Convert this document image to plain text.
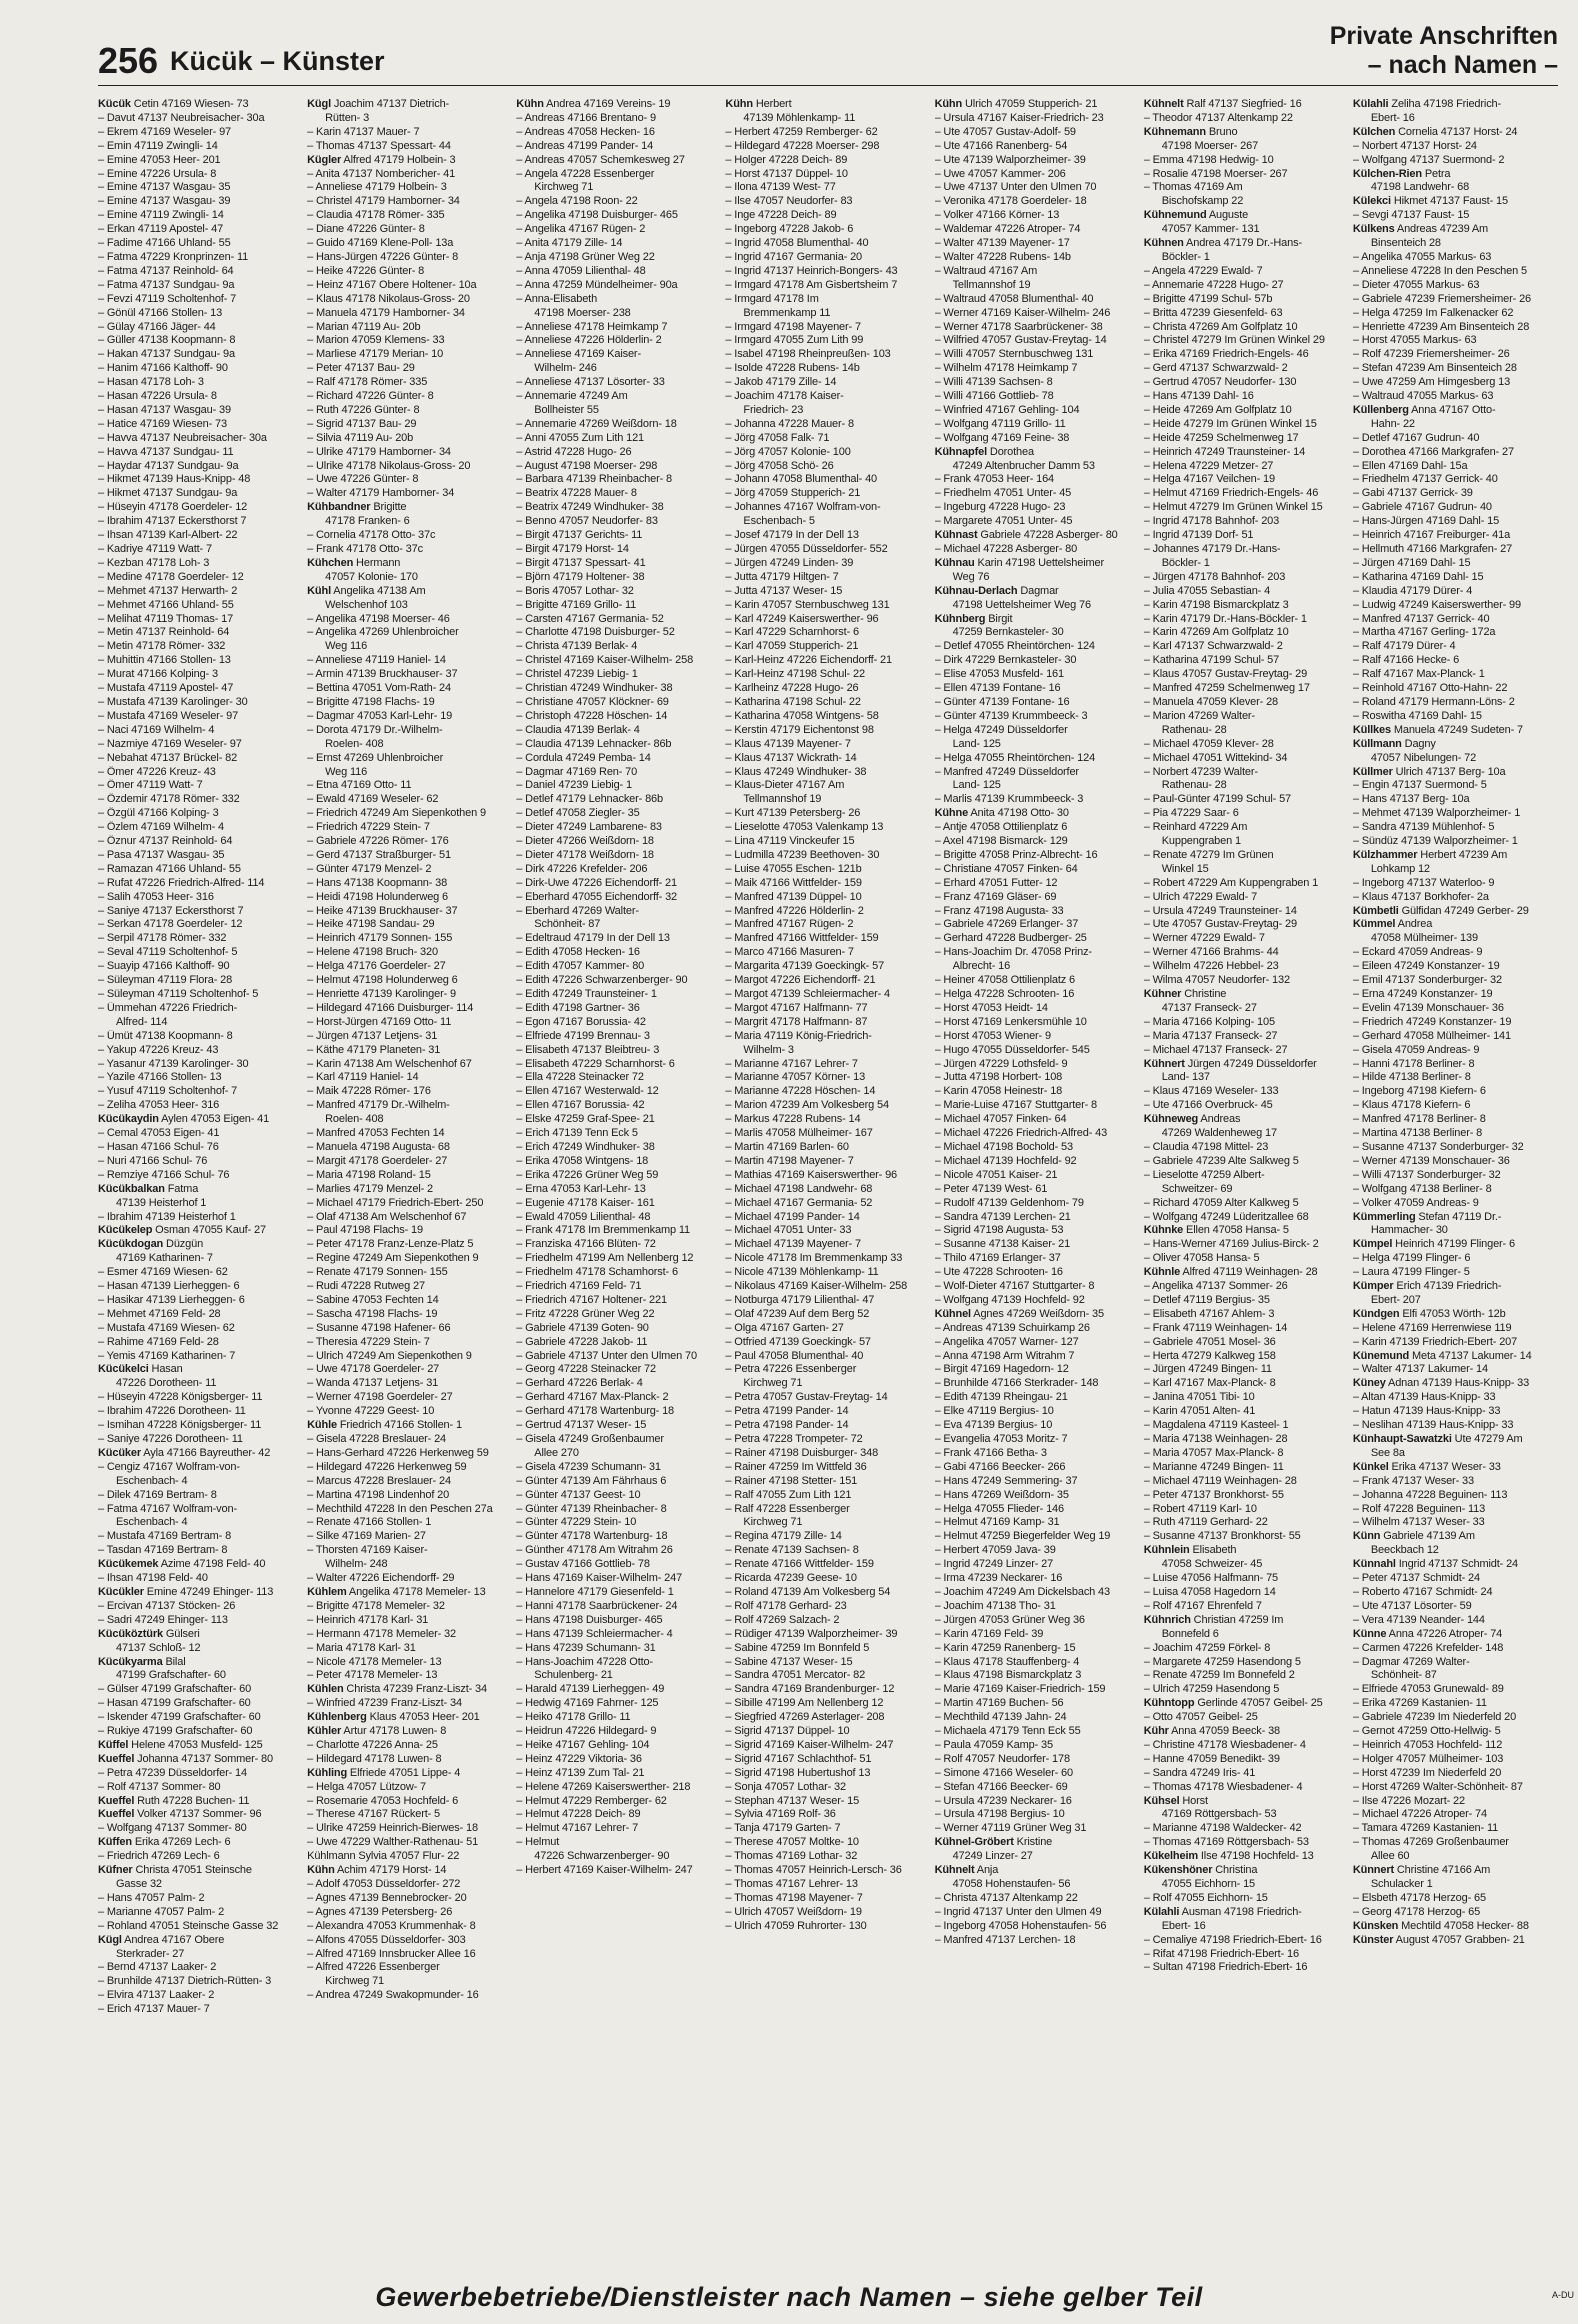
256 Kücük – Künster
Private Anschriften
– nach Namen –
Kücük Cetin 47169 Wiesen- 73
– Davut 47137 Neubreisacher- 30a
– Ekrem 47169 Weseler- 97
– Emin 47119 Zwingli- 14
– Emine 47053 Heer- 201
– Emine 47226 Ursula- 8
– Emine 47137 Wasgau- 35
– Emine 47137 Wasgau- 39
– Emine 47119 Zwingli- 14
– Erkan 47119 Apostel- 47
– Fadime 47166 Uhland- 55
– Fatma 47229 Kronprinzen- 11
– Fatma 47137 Reinhold- 64
– Fatma 47137 Sundgau- 9a
– Fevzi 47119 Scholtenhof- 7
– Gönül 47166 Stollen- 13
– Gülay 47166 Jäger- 44
– Güller 47138 Koopmann- 8
– Hakan 47137 Sundgau- 9a
– Hanim 47166 Kalthoff- 90
– Hasan 47178 Loh- 3
– Hasan 47226 Ursula- 8
– Hasan 47137 Wasgau- 39
– Hatice 47169 Wiesen- 73
– Havva 47137 Neubreisacher- 30a
– Havva 47137 Sundgau- 11
– Haydar 47137 Sundgau- 9a
– Hikmet 47139 Haus-Knipp- 48
– Hikmet 47137 Sundgau- 9a
– Hüseyin 47178 Goerdeler- 12
– Ibrahim 47137 Eckersthorst 7
– Ihsan 47139 Karl-Albert- 22
– Kadriye 47119 Watt- 7
– Kezban 47178 Loh- 3
– Medine 47178 Goerdeler- 12
– Mehmet 47137 Herwarth- 2
– Mehmet 47166 Uhland- 55
– Melihat 47119 Thomas- 17
– Metin 47137 Reinhold- 64
– Metin 47178 Römer- 332
– Muhittin 47166 Stollen- 13
– Murat 47166 Kolping- 3
– Mustafa 47119 Apostel- 47
– Mustafa 47139 Karolinger- 30
– Mustafa 47169 Weseler- 97
– Naci 47169 Wilhelm- 4
– Nazmiye 47169 Weseler- 97
– Nebahat 47137 Brückel- 82
– Ömer 47226 Kreuz- 43
– Ömer 47119 Watt- 7
– Özdemir 47178 Römer- 332
– Özgül 47166 Kolping- 3
– Özlem 47169 Wilhelm- 4
– Öznur 47137 Reinhold- 64
– Pasa 47137 Wasgau- 35
– Ramazan 47166 Uhland- 55
– Rufat 47226 Friedrich-Alfred- 114
– Salih 47053 Heer- 316
– Saniye 47137 Eckersthorst 7
– Serkan 47178 Goerdeler- 12
– Serpil 47178 Römer- 332
– Seval 47119 Scholtenhof- 5
– Suayip 47166 Kalthoff- 90
– Süleyman 47119 Flora- 28
– Süleyman 47119 Scholtenhof- 5
– Ümmehan 47226 Friedrich-
Alfred- 114
– Ümüt 47138 Koopmann- 8
– Yakup 47226 Kreuz- 43
– Yasanur 47139 Karolinger- 30
– Yazile 47166 Stollen- 13
– Yusuf 47119 Scholtenhof- 7
– Zeliha 47053 Heer- 316
Kücükaydin Aylen 47053 Eigen- 41
– Cemal 47053 Eigen- 41
– Hasan 47166 Schul- 76
– Nuri 47166 Schul- 76
– Remziye 47166 Schul- 76
Kücükbalkan Fatma
47139 Heisterhof 1
– Ibrahim 47139 Heisterhof 1
Kücükelep Osman 47055 Kauf- 27
Kücükdogan Düzgün
47169 Katharinen- 7
– Esmer 47169 Wiesen- 62
– Hasan 47139 Lierheggen- 6
– Hasikar 47139 Lierheggen- 6
– Mehmet 47169 Feld- 28
– Mustafa 47169 Wiesen- 62
– Rahime 47169 Feld- 28
– Yemis 47169 Katharinen- 7
Kücükelci Hasan
47226 Dorotheen- 11
– Hüseyin 47228 Königsberger- 11
– Ibrahim 47226 Dorotheen- 11
– Ismihan 47228 Königsberger- 11
– Saniye 47226 Dorotheen- 11
Kücüker Ayla 47166 Bayreuther- 42
– Cengiz 47167 Wolfram-von-
Eschenbach- 4
– Dilek 47169 Bertram- 8
– Fatma 47167 Wolfram-von-
Eschenbach- 4
– Mustafa 47169 Bertram- 8
– Tasdan 47169 Bertram- 8
Kücükemek Azime 47198 Feld- 40
– Ihsan 47198 Feld- 40
Kücükler Emine 47249 Ehinger- 113
– Ercivan 47137 Stöcken- 26
– Sadri 47249 Ehinger- 113
Kücüköztürk Gülseri
47137 Schloß- 12
Kücükyarma Bilal
47199 Grafschafter- 60
– Gülser 47199 Grafschafter- 60
– Hasan 47199 Grafschafter- 60
– Iskender 47199 Grafschafter- 60
– Rukiye 47199 Grafschafter- 60
Küffel Helene 47053 Musfeld- 125
Kueffel Johanna 47137 Sommer- 80
– Petra 47239 Düsseldorfer- 14
– Rolf 47137 Sommer- 80
Kueffel Ruth 47228 Buchen- 11
Kueffel Volker 47137 Sommer- 96
– Wolfgang 47137 Sommer- 80
Küffen Erika 47269 Lech- 6
– Friedrich 47269 Lech- 6
Küfner Christa 47051 Steinsche
Gasse 32
– Hans 47057 Palm- 2
– Marianne 47057 Palm- 2
– Rohland 47051 Steinsche Gasse 32
Kügl Andrea 47167 Obere
Sterkrader- 27
– Bernd 47137 Laaker- 2
– Brunhilde 47137 Dietrich-Rütten- 3
– Elvira 47137 Laaker- 2
– Erich 47137 Mauer- 7
Kügl Joachim 47137 Dietrich-
Rütten- 3
– Karin 47137 Mauer- 7
– Thomas 47137 Spessart- 44
Kügler Alfred 47179 Holbein- 3
– Anita 47137 Nombericher- 41
– Anneliese 47179 Holbein- 3
– Christel 47179 Hamborner- 34
– Claudia 47178 Römer- 335
– Diane 47226 Günter- 8
– Guido 47169 Klene-Poll- 13a
– Hans-Jürgen 47226 Günter- 8
– Heike 47226 Günter- 8
– Heinz 47167 Obere Holtener- 10a
– Klaus 47178 Nikolaus-Gross- 20
– Manuela 47179 Hamborner- 34
– Marian 47119 Au- 20b
– Marion 47059 Klemens- 33
– Marliese 47179 Merian- 10
– Peter 47137 Bau- 29
– Ralf 47178 Römer- 335
– Richard 47226 Günter- 8
– Ruth 47226 Günter- 8
– Sigrid 47137 Bau- 29
– Silvia 47119 Au- 20b
– Ulrike 47179 Hamborner- 34
– Ulrike 47178 Nikolaus-Gross- 20
– Uwe 47226 Günter- 8
– Walter 47179 Hamborner- 34
Kühbandner Brigitte
47178 Franken- 6
– Cornelia 47178 Otto- 37c
– Frank 47178 Otto- 37c
Kühchen Hermann
47057 Kolonie- 170
Kühl Angelika 47138 Am
Welschenhof 103
– Angelika 47198 Moerser- 46
– Angelika 47269 Uhlenbroicher
Weg 116
– Anneliese 47119 Haniel- 14
– Armin 47139 Bruckhauser- 37
– Bettina 47051 Vom-Rath- 24
– Brigitte 47198 Flachs- 19
– Dagmar 47053 Karl-Lehr- 19
– Dorota 47179 Dr.-Wilhelm-
Roelen- 408
– Ernst 47269 Uhlenbroicher
Weg 116
– Etna 47169 Otto- 11
– Ewald 47169 Weseler- 62
– Friedrich 47249 Am Siepenkothen 9
– Friedrich 47229 Stein- 7
– Gabriele 47226 Römer- 176
– Gerd 47137 Straßburger- 51
– Günter 47179 Menzel- 2
– Hans 47138 Koopmann- 38
– Heidi 47198 Holunderweg 6
– Heike 47139 Bruckhauser- 37
– Heike 47198 Sandau- 29
– Heinrich 47179 Sonnen- 155
– Helene 47198 Bruch- 320
– Helga 47176 Goerdeler- 27
– Helmut 47198 Holunderweg 6
– Henriette 47139 Karolinger- 9
– Hildegard 47166 Duisburger- 114
– Horst-Jürgen 47169 Otto- 11
– Jürgen 47137 Letjens- 31
– Käthe 47179 Planeten- 31
– Karin 47138 Am Welschenhof 67
– Karl 47119 Haniel- 14
– Maik 47228 Römer- 176
– Manfred 47179 Dr.-Wilhelm-
Roelen- 408
– Manfred 47053 Fechten 14
– Manuela 47198 Augusta- 68
– Margit 47178 Goerdeler- 27
– Maria 47198 Roland- 15
– Marlies 47179 Menzel- 2
– Michael 47179 Friedrich-Ebert- 250
– Olaf 47138 Am Welschenhof 67
– Paul 47198 Flachs- 19
– Peter 47178 Franz-Lenze-Platz 5
– Regine 47249 Am Siepenkothen 9
– Renate 47179 Sonnen- 155
– Rudi 47228 Rutweg 27
– Sabine 47053 Fechten 14
– Sascha 47198 Flachs- 19
– Susanne 47198 Hafener- 66
– Theresia 47229 Stein- 7
– Ulrich 47249 Am Siepenkothen 9
– Uwe 47178 Goerdeler- 27
– Wanda 47137 Letjens- 31
– Werner 47198 Goerdeler- 27
– Yvonne 47229 Geest- 10
Kühle Friedrich 47166 Stollen- 1
– Gisela 47228 Breslauer- 24
– Hans-Gerhard 47226 Herkenweg 59
– Hildegard 47226 Herkenweg 59
– Marcus 47228 Breslauer- 24
– Martina 47198 Lindenhof 20
– Mechthild 47228 In den Peschen 27a
– Renate 47166 Stollen- 1
– Silke 47169 Marien- 27
– Thorsten 47169 Kaiser-
Wilhelm- 248
– Walter 47226 Eichendorff- 29
Kühlem Angelika 47178 Memeler- 13
– Brigitte 47178 Memeler- 32
– Heinrich 47178 Karl- 31
– Hermann 47178 Memeler- 32
– Maria 47178 Karl- 31
– Nicole 47178 Memeler- 13
– Peter 47178 Memeler- 13
Kühlen Christa 47239 Franz-Liszt- 34
– Winfried 47239 Franz-Liszt- 34
Kühlenberg Klaus 47053 Heer- 201
Kühler Artur 47178 Luwen- 8
– Charlotte 47226 Anna- 25
– Hildegard 47178 Luwen- 8
Kühling Elfriede 47051 Lippe- 4
– Helga 47057 Lützow- 7
– Rosemarie 47053 Hochfeld- 6
– Therese 47167 Rückert- 5
– Ulrike 47259 Heinrich-Bierwes- 18
– Uwe 47229 Walther-Rathenau- 51
Kühlmann Sylvia 47057 Flur- 22
Kühn Achim 47179 Horst- 14
– Adolf 47053 Düsseldorfer- 272
– Agnes 47139 Bennebrocker- 20
– Agnes 47139 Petersberg- 26
– Alexandra 47053 Krummenhak- 8
– Alfons 47055 Düsseldorfer- 303
– Alfred 47169 Innsbrucker Allee 16
– Alfred 47226 Essenberger
Kirchweg 71
– Andrea 47249 Swakopmunder- 16
Kühn Andrea 47169 Vereins- 19
– Andreas 47166 Brentano- 9
– Andreas 47058 Hecken- 16
– Andreas 47199 Pander- 14
– Andreas 47057 Schemkesweg 27
– Angela 47228 Essenberger
Kirchweg 71
– Angela 47198 Roon- 22
– Angelika 47198 Duisburger- 465
– Angelika 47167 Rügen- 2
– Anita 47179 Zille- 14
– Anja 47198 Grüner Weg 22
– Anna 47059 Lilienthal- 48
– Anna 47259 Mündelheimer- 90a
– Anna-Elisabeth
47198 Moerser- 238
– Anneliese 47178 Heimkamp 7
– Anneliese 47226 Hölderlin- 2
– Anneliese 47169 Kaiser-
Wilhelm- 246
– Anneliese 47137 Lösorter- 33
– Annemarie 47249 Am
Bollheister 55
– Annemarie 47269 Weißdorn- 18
– Anni 47055 Zum Lith 121
– Astrid 47228 Hugo- 26
– August 47198 Moerser- 298
– Barbara 47139 Rheinbacher- 8
– Beatrix 47228 Mauer- 8
– Beatrix 47249 Windhuker- 38
– Benno 47057 Neudorfer- 83
– Birgit 47137 Gerichts- 11
– Birgit 47179 Horst- 14
– Birgit 47137 Spessart- 41
– Björn 47179 Holtener- 38
– Boris 47057 Lothar- 32
– Brigitte 47169 Grillo- 11
– Carsten 47167 Germania- 52
– Charlotte 47198 Duisburger- 52
– Christa 47139 Berlak- 4
– Christel 47169 Kaiser-Wilhelm- 258
– Christel 47239 Liebig- 1
– Christian 47249 Windhuker- 38
– Christiane 47057 Klöckner- 69
– Christoph 47228 Höschen- 14
– Claudia 47139 Berlak- 4
– Claudia 47139 Lehnacker- 86b
– Cordula 47249 Pemba- 14
– Dagmar 47169 Ren- 70
– Daniel 47239 Liebig- 1
– Detlef 47179 Lehnacker- 86b
– Detlef 47058 Ziegler- 35
– Dieter 47249 Lambarene- 83
– Dieter 47266 Weißdorn- 18
– Dieter 47178 Weißdorn- 18
– Dirk 47226 Krefelder- 206
– Dirk-Uwe 47226 Eichendorff- 21
– Eberhard 47055 Eichendorff- 32
– Eberhard 47269 Walter-
Schönheit- 87
– Edeltraud 47179 In der Dell 13
– Edith 47058 Hecken- 16
– Edith 47057 Kammer- 80
– Edith 47226 Schwarzenberger- 90
– Edith 47249 Traunsteiner- 1
– Edith 47198 Gartner- 36
– Egon 47167 Borussia- 42
– Elfriede 47199 Brennau- 3
– Elisabeth 47137 Bleibtreu- 3
– Elisabeth 47229 Scharnhorst- 6
– Ella 47228 Steinacker 72
– Ellen 47167 Westerwald- 12
– Ellen 47167 Borussia- 42
– Elske 47259 Graf-Spee- 21
– Erich 47139 Tenn Eck 5
– Erich 47249 Windhuker- 38
– Erika 47058 Wintgens- 18
– Erika 47226 Grüner Weg 59
– Erna 47053 Karl-Lehr- 13
– Eugenie 47178 Kaiser- 161
– Ewald 47059 Lilienthal- 48
– Frank 47178 Im Bremmenkamp 11
– Franziska 47166 Blüten- 72
– Friedhelm 47199 Am Nellenberg 12
– Friedhelm 47178 Schamhorst- 6
– Friedrich 47169 Feld- 71
– Friedrich 47167 Holtener- 221
– Fritz 47228 Grüner Weg 22
– Gabriele 47139 Goten- 90
– Gabriele 47228 Jakob- 11
– Gabriele 47137 Unter den Ulmen 70
– Georg 47228 Steinacker 72
– Gerhard 47226 Berlak- 4
– Gerhard 47167 Max-Planck- 2
– Gerhard 47178 Wartenburg- 18
– Gertrud 47137 Weser- 15
– Gisela 47249 Großenbaumer
Allee 270
– Gisela 47239 Schumann- 31
– Günter 47139 Am Fährhaus 6
– Günter 47137 Geest- 10
– Günter 47139 Rheinbacher- 8
– Günter 47229 Stein- 10
– Günter 47178 Wartenburg- 18
– Günther 47178 Am Witrahm 26
– Gustav 47166 Gottlieb- 78
– Hans 47169 Kaiser-Wilhelm- 247
– Hannelore 47179 Giesenfeld- 1
– Hanni 47178 Saarbrückener- 24
– Hans 47198 Duisburger- 465
– Hans 47139 Schleiermacher- 4
– Hans 47239 Schumann- 31
– Hans-Joachim 47228 Otto-
Schulenberg- 21
– Harald 47139 Lierheggen- 49
– Hedwig 47169 Fahrner- 125
– Heiko 47178 Grillo- 11
– Heidrun 47226 Hildegard- 9
– Heike 47167 Gehling- 104
– Heinz 47229 Viktoria- 36
– Heinz 47139 Zum Tal- 21
– Helene 47269 Kaiserswerther- 218
– Helmut 47229 Remberger- 62
– Helmut 47228 Deich- 89
– Helmut 47167 Lehrer- 7
– Helmut
47226 Schwarzenberger- 90
– Herbert 47169 Kaiser-Wilhelm- 247
Kühn Herbert
47139 Möhlenkamp- 11
– Herbert 47259 Remberger- 62
– Hildegard 47228 Moerser- 298
– Holger 47228 Deich- 89
– Horst 47137 Düppel- 10
– Ilona 47139 West- 77
– Ilse 47057 Neudorfer- 83
– Inge 47228 Deich- 89
– Ingeborg 47228 Jakob- 6
– Ingrid 47058 Blumenthal- 40
– Ingrid 47167 Germania- 20
– Ingrid 47137 Heinrich-Bongers- 43
– Irmgard 47178 Am Gisbertsheim 7
– Irmgard 47178 Im
Bremmenkamp 11
– Irmgard 47198 Mayener- 7
– Irmgard 47055 Zum Lith 99
– Isabel 47198 Rheinpreußen- 103
– Isolde 47228 Rubens- 14b
– Jakob 47179 Zille- 14
– Joachim 47178 Kaiser-
Friedrich- 23
– Johanna 47228 Mauer- 8
– Jörg 47058 Falk- 71
– Jörg 47057 Kolonie- 100
– Jörg 47058 Schö- 26
– Johann 47058 Blumenthal- 40
– Jörg 47059 Stupperich- 21
– Johannes 47167 Wolfram-von-
Eschenbach- 5
– Josef 47179 In der Dell 13
– Jürgen 47055 Düsseldorfer- 552
– Jürgen 47249 Linden- 39
– Jutta 47179 Hiltgen- 7
– Jutta 47137 Weser- 15
– Karin 47057 Sternbuschweg 131
– Karl 47249 Kaiserswerther- 96
– Karl 47229 Scharnhorst- 6
– Karl 47059 Stupperich- 21
– Karl-Heinz 47226 Eichendorff- 21
– Karl-Heinz 47198 Schul- 22
– Karlheinz 47228 Hugo- 26
– Katharina 47198 Schul- 22
– Katharina 47058 Wintgens- 58
– Kerstin 47179 Eichentonst 98
– Klaus 47139 Mayener- 7
– Klaus 47137 Wickrath- 14
– Klaus 47249 Windhuker- 38
– Klaus-Dieter 47167 Am
Tellmannshof 19
– Kurt 47139 Petersberg- 26
– Lieselotte 47053 Valenkamp 13
– Lina 47119 Vinckeufer 15
– Ludmilla 47239 Beethoven- 30
– Luise 47055 Eschen- 121b
– Maik 47166 Wittfelder- 159
– Manfred 47139 Düppel- 10
– Manfred 47226 Hölderlin- 2
– Manfred 47167 Rügen- 2
– Manfred 47166 Wittfelder- 159
– Marco 47166 Masuren- 7
– Margarita 47139 Goeckingk- 57
– Margot 47226 Eichendorff- 21
– Margot 47139 Schleiermacher- 4
– Margot 47167 Halfmann- 77
– Margrit 47178 Halfmann- 87
– Maria 47119 König-Friedrich-
Wilhelm- 3
– Marianne 47167 Lehrer- 7
– Marianne 47057 Körner- 13
– Marianne 47228 Höschen- 14
– Marion 47239 Am Volkesberg 54
– Markus 47228 Rubens- 14
– Marlis 47058 Mülheimer- 167
– Martin 47169 Barlen- 60
– Martin 47198 Mayener- 7
– Mathias 47169 Kaiserswerther- 96
– Michael 47198 Landwehr- 68
– Michael 47167 Germania- 52
– Michael 47199 Pander- 14
– Michael 47051 Unter- 33
– Michael 47139 Mayener- 7
– Nicole 47178 Im Bremmenkamp 33
– Nicole 47139 Möhlenkamp- 11
– Nikolaus 47169 Kaiser-Wilhelm- 258
– Notburga 47179 Lilienthal- 47
– Olaf 47239 Auf dem Berg 52
– Olga 47167 Garten- 27
– Otfried 47139 Goeckingk- 57
– Paul 47058 Blumenthal- 40
– Petra 47226 Essenberger
Kirchweg 71
– Petra 47057 Gustav-Freytag- 14
– Petra 47199 Pander- 14
– Petra 47198 Pander- 14
– Petra 47228 Trompeter- 72
– Rainer 47198 Duisburger- 348
– Rainer 47259 Im Wittfeld 36
– Rainer 47198 Stetter- 151
– Ralf 47055 Zum Lith 121
– Ralf 47228 Essenberger
Kirchweg 71
– Regina 47179 Zille- 14
– Renate 47139 Sachsen- 8
– Renate 47166 Wittfelder- 159
– Ricarda 47239 Geese- 10
– Roland 47139 Am Volkesberg 54
– Rolf 47178 Gerhard- 23
– Rolf 47269 Salzach- 2
– Rüdiger 47139 Walporzheimer- 39
– Sabine 47259 Im Bonnfeld 5
– Sabine 47137 Weser- 15
– Sandra 47051 Mercator- 82
– Sandra 47169 Brandenburger- 12
– Sibille 47199 Am Nellenberg 12
– Siegfried 47269 Asterlager- 208
– Sigrid 47137 Düppel- 10
– Sigrid 47169 Kaiser-Wilhelm- 247
– Sigrid 47167 Schlachthof- 51
– Sigrid 47198 Hubertushof 13
– Sonja 47057 Lothar- 32
– Stephan 47137 Weser- 15
– Sylvia 47169 Rolf- 36
– Tanja 47179 Garten- 7
– Therese 47057 Moltke- 10
– Thomas 47169 Lothar- 32
– Thomas 47057 Heinrich-Lersch- 36
– Thomas 47167 Lehrer- 13
– Thomas 47198 Mayener- 7
– Ulrich 47057 Weißdorn- 19
– Ulrich 47059 Ruhrorter- 130
Kühn Ulrich 47059 Stupperich- 21
– Ursula 47167 Kaiser-Friedrich- 23
– Ute 47057 Gustav-Adolf- 59
– Ute 47166 Ranenberg- 54
– Ute 47139 Walporzheimer- 39
– Uwe 47057 Kammer- 206
– Uwe 47137 Unter den Ulmen 70
– Veronika 47178 Goerdeler- 18
– Volker 47166 Körner- 13
– Waldemar 47226 Atroper- 74
– Walter 47139 Mayener- 17
– Walter 47228 Rubens- 14b
– Waltraud 47167 Am
Tellmannshof 19
– Waltraud 47058 Blumenthal- 40
– Werner 47169 Kaiser-Wilhelm- 246
– Werner 47178 Saarbrückener- 38
– Wilfried 47057 Gustav-Freytag- 14
– Willi 47057 Sternbuschweg 131
– Wilhelm 47178 Heimkamp 7
– Willi 47139 Sachsen- 8
– Willi 47166 Gottlieb- 78
– Winfried 47167 Gehling- 104
– Wolfgang 47119 Grillo- 11
– Wolfgang 47169 Feine- 38
Kühnapfel Dorothea
47249 Altenbrucher Damm 53
– Frank 47053 Heer- 164
– Friedhelm 47051 Unter- 45
– Ingeburg 47228 Hugo- 23
– Margarete 47051 Unter- 45
Kühnast Gabriele 47228 Asberger- 80
– Michael 47228 Asberger- 80
Kühnau Karin 47198 Uettelsheimer
Weg 76
Kühnau-Derlach Dagmar
47198 Uettelsheimer Weg 76
Kühnberg Birgit
47259 Bernkasteler- 30
– Detlef 47055 Rheintörchen- 124
– Dirk 47229 Bernkasteler- 30
– Elise 47053 Musfeld- 161
– Ellen 47139 Fontane- 16
– Günter 47139 Fontane- 16
– Günter 47139 Krummbeeck- 3
– Helga 47249 Düsseldorfer
Land- 125
– Helga 47055 Rheintörchen- 124
– Manfred 47249 Düsseldorfer
Land- 125
– Marlis 47139 Krummbeeck- 3
Kühne Anita 47198 Otto- 30
– Antje 47058 Ottilienplatz 6
– Axel 47198 Bismarck- 129
– Brigitte 47058 Prinz-Albrecht- 16
– Christiane 47057 Finken- 64
– Erhard 47051 Futter- 12
– Franz 47169 Gläser- 69
– Franz 47198 Augusta- 33
– Gabriele 47269 Erlanger- 37
– Gerhard 47228 Budberger- 25
– Hans-Joachim Dr. 47058 Prinz-
Albrecht- 16
– Heiner 47058 Ottilienplatz 6
– Helga 47228 Schrooten- 16
– Horst 47053 Heidt- 14
– Horst 47169 Lenkersmühle 10
– Horst 47053 Wiener- 9
– Hugo 47055 Düsseldorfer- 545
– Jürgen 47229 Lothsfeld- 9
– Jutta 47198 Horbert- 108
– Karin 47058 Heinestr- 18
– Marie-Luise 47167 Stuttgarter- 8
– Michael 47057 Finken- 64
– Michael 47226 Friedrich-Alfred- 43
– Michael 47198 Bochold- 53
– Michael 47139 Hochfeld- 92
– Nicole 47051 Kaiser- 21
– Peter 47139 West- 61
– Rudolf 47139 Geldenhom- 79
– Sandra 47139 Lerchen- 21
– Sigrid 47198 Augusta- 53
– Susanne 47138 Kaiser- 21
– Thilo 47169 Erlanger- 37
– Ute 47228 Schrooten- 16
– Wolf-Dieter 47167 Stuttgarter- 8
– Wolfgang 47139 Hochfeld- 92
Kühnel Agnes 47269 Weißdorn- 35
– Andreas 47139 Schuirkamp 26
– Angelika 47057 Warner- 127
– Anna 47198 Arm Witrahm 7
– Birgit 47169 Hagedorn- 12
– Brunhilde 47166 Sterkrader- 148
– Edith 47139 Rheingau- 21
– Elke 47119 Bergius- 10
– Eva 47139 Bergius- 10
– Evangelia 47053 Moritz- 7
– Frank 47166 Betha- 3
– Gabi 47166 Beecker- 266
– Hans 47249 Semmering- 37
– Hans 47269 Weißdorn- 35
– Helga 47055 Flieder- 146
– Helmut 47169 Kamp- 31
– Helmut 47259 Biegerfelder Weg 19
– Herbert 47059 Java- 39
– Ingrid 47249 Linzer- 27
– Irma 47239 Neckarer- 16
– Joachim 47249 Am Dickelsbach 43
– Joachim 47138 Tho- 31
– Jürgen 47053 Grüner Weg 36
– Karin 47169 Feld- 39
– Karin 47259 Ranenberg- 15
– Klaus 47178 Stauffenberg- 4
– Klaus 47198 Bismarckplatz 3
– Marie 47169 Kaiser-Friedrich- 159
– Martin 47169 Buchen- 56
– Mechthild 47139 Jahn- 24
– Michaela 47179 Tenn Eck 55
– Paula 47059 Kamp- 35
– Rolf 47057 Neudorfer- 178
– Simone 47166 Weseler- 60
– Stefan 47166 Beecker- 69
– Ursula 47239 Neckarer- 16
– Ursula 47198 Bergius- 10
– Werner 47119 Grüner Weg 31
Kühnel-Gröbert Kristine
47249 Linzer- 27
Kühnelt Anja
47058 Hohenstaufen- 56
– Christa 47137 Altenkamp 22
– Ingrid 47137 Unter den Ulmen 49
– Ingeborg 47058 Hohenstaufen- 56
– Manfred 47137 Lerchen- 18
Kühnelt Ralf 47137 Siegfried- 16
– Theodor 47137 Altenkamp 22
Kühnemann Bruno
47198 Moerser- 267
– Emma 47198 Hedwig- 10
– Rosalie 47198 Moerser- 267
– Thomas 47169 Am
Bischofskamp 22
Kühnemund Auguste
47057 Kammer- 131
Kühnen Andrea 47179 Dr.-Hans-
Böckler- 1
– Angela 47229 Ewald- 7
– Annemarie 47228 Hugo- 27
– Brigitte 47199 Schul- 57b
– Britta 47239 Giesenfeld- 63
– Christa 47269 Am Golfplatz 10
– Christel 47279 Im Grünen Winkel 29
– Erika 47169 Friedrich-Engels- 46
– Gerd 47137 Schwarzwald- 2
– Gertrud 47057 Neudorfer- 130
– Hans 47139 Dahl- 16
– Heide 47269 Am Golfplatz 10
– Heide 47279 Im Grünen Winkel 15
– Heide 47259 Schelmenweg 17
– Heinrich 47249 Traunsteiner- 14
– Helena 47229 Metzer- 27
– Helga 47167 Veilchen- 19
– Helmut 47169 Friedrich-Engels- 46
– Helmut 47279 Im Grünen Winkel 15
– Ingrid 47178 Bahnhof- 203
– Ingrid 47139 Dorf- 51
– Johannes 47179 Dr.-Hans-
Böckler- 1
– Jürgen 47178 Bahnhof- 203
– Julia 47055 Sebastian- 4
– Karin 47198 Bismarckplatz 3
– Karin 47179 Dr.-Hans-Böckler- 1
– Karin 47269 Am Golfplatz 10
– Karl 47137 Schwarzwald- 2
– Katharina 47199 Schul- 57
– Klaus 47057 Gustav-Freytag- 29
– Manfred 47259 Schelmenweg 17
– Manuela 47059 Klever- 28
– Marion 47269 Walter-
Rathenau- 28
– Michael 47059 Klever- 28
– Michael 47051 Wittekind- 34
– Norbert 47239 Walter-
Rathenau- 28
– Paul-Günter 47199 Schul- 57
– Pia 47229 Saar- 6
– Reinhard 47229 Am
Kuppengraben 1
– Renate 47279 Im Grünen
Winkel 15
– Robert 47229 Am Kuppengraben 1
– Ulrich 47229 Ewald- 7
– Ursula 47249 Traunsteiner- 14
– Ute 47057 Gustav-Freytag- 29
– Werner 47229 Ewald- 7
– Werner 47166 Brahms- 44
– Wilhelm 47226 Hebbel- 23
– Wilma 47057 Neudorfer- 132
Kühner Christine
47137 Franseck- 27
– Maria 47166 Kolping- 105
– Maria 47137 Franseck- 27
– Michael 47137 Franseck- 27
Kühnert Jürgen 47249 Düsseldorfer
Land- 137
– Klaus 47169 Weseler- 133
– Ute 47166 Overbruck- 45
Kühneweg Andreas
47269 Waldenheweg 17
– Claudia 47198 Mittel- 23
– Gabriele 47239 Alte Salkweg 5
– Lieselotte 47259 Albert-
Schweitzer- 69
– Richard 47059 Alter Kalkweg 5
– Wolfgang 47249 Lüderitzallee 68
Kühnke Ellen 47058 Hansa- 5
– Hans-Werner 47169 Julius-Birck- 2
– Oliver 47058 Hansa- 5
Kühnle Alfred 47119 Weinhagen- 28
– Angelika 47137 Sommer- 26
– Detlef 47119 Bergius- 35
– Elisabeth 47167 Ahlem- 3
– Frank 47119 Weinhagen- 14
– Gabriele 47051 Mosel- 36
– Herta 47279 Kalkweg 158
– Jürgen 47249 Bingen- 11
– Karl 47167 Max-Planck- 8
– Janina 47051 Tibi- 10
– Karin 47051 Alten- 41
– Magdalena 47119 Kasteel- 1
– Maria 47138 Weinhagen- 28
– Maria 47057 Max-Planck- 8
– Marianne 47249 Bingen- 11
– Michael 47119 Weinhagen- 28
– Peter 47137 Bronkhorst- 55
– Robert 47119 Karl- 10
– Ruth 47119 Gerhard- 22
– Susanne 47137 Bronkhorst- 55
Kühnlein Elisabeth
47058 Schweizer- 45
– Luise 47056 Halfmann- 75
– Luisa 47058 Hagedorn 14
– Rolf 47167 Ehrenfeld 7
Kühnrich Christian 47259 Im
Bonnefeld 6
– Joachim 47259 Förkel- 8
– Margarete 47259 Hasendong 5
– Renate 47259 Im Bonnefeld 2
– Ulrich 47259 Hasendong 5
Kühntopp Gerlinde 47057 Geibel- 25
– Otto 47057 Geibel- 25
Kühr Anna 47059 Beeck- 38
– Christine 47178 Wiesbadener- 4
– Hanne 47059 Benedikt- 39
– Sandra 47249 Iris- 41
– Thomas 47178 Wiesbadener- 4
Kühsel Horst
47169 Röttgersbach- 53
– Marianne 47198 Waldecker- 42
– Thomas 47169 Röttgersbach- 53
Kükelheim Ilse 47198 Hochfeld- 13
Kükenshöner Christina
47055 Eichhorn- 15
– Rolf 47055 Eichhorn- 15
Külahli Ausman 47198 Friedrich-
Ebert- 16
– Cemaliye 47198 Friedrich-Ebert- 16
– Rifat 47198 Friedrich-Ebert- 16
– Sultan 47198 Friedrich-Ebert- 16
Külahli Zeliha 47198 Friedrich-
Ebert- 16
Külchen Cornelia 47137 Horst- 24
– Norbert 47137 Horst- 24
– Wolfgang 47137 Suermond- 2
Külchen-Rien Petra
47198 Landwehr- 68
Külekci Hikmet 47137 Faust- 15
– Sevgi 47137 Faust- 15
Külkens Andreas 47239 Am
Binsenteich 28
– Angelika 47055 Markus- 63
– Anneliese 47228 In den Peschen 5
– Dieter 47055 Markus- 63
– Gabriele 47239 Friemersheimer- 26
– Helga 47259 Im Falkenacker 62
– Henriette 47239 Am Binsenteich 28
– Horst 47055 Markus- 63
– Rolf 47239 Friemersheimer- 26
– Stefan 47239 Am Binsenteich 28
– Uwe 47259 Am Himgesberg 13
– Waltraud 47055 Markus- 63
Küllenberg Anna 47167 Otto-
Hahn- 22
– Detlef 47167 Gudrun- 40
– Dorothea 47166 Markgrafen- 27
– Ellen 47169 Dahl- 15a
– Friedhelm 47137 Gerrick- 40
– Gabi 47137 Gerrick- 39
– Gabriele 47167 Gudrun- 40
– Hans-Jürgen 47169 Dahl- 15
– Heinrich 47167 Freiburger- 41a
– Hellmuth 47166 Markgrafen- 27
– Jürgen 47169 Dahl- 15
– Katharina 47169 Dahl- 15
– Klaudia 47179 Dürer- 4
– Ludwig 47249 Kaiserswerther- 99
– Manfred 47137 Gerrick- 40
– Martha 47167 Gerling- 172a
– Ralf 47179 Dürer- 4
– Ralf 47166 Hecke- 6
– Ralf 47167 Max-Planck- 1
– Reinhold 47167 Otto-Hahn- 22
– Roland 47179 Hermann-Löns- 2
– Roswitha 47169 Dahl- 15
Küllkes Manuela 47249 Sudeten- 7
Küllmann Dagny
47057 Nibelungen- 72
Küllmer Ulrich 47137 Berg- 10a
– Engin 47137 Suermond- 5
– Hans 47137 Berg- 10a
– Mehmet 47139 Walporzheimer- 1
– Sandra 47139 Mühlenhof- 5
– Sündüz 47139 Walporzheimer- 1
Külzhammer Herbert 47239 Am
Lohkamp 12
– Ingeborg 47137 Waterloo- 9
– Klaus 47137 Borkhofer- 2a
Kümbetli Gülfidan 47249 Gerber- 29
Kümmel Andrea
47058 Mülheimer- 139
– Eckard 47059 Andreas- 9
– Eileen 47249 Konstanzer- 19
– Emil 47137 Sonderburger- 32
– Erna 47249 Konstanzer- 19
– Evelin 47139 Monschauer- 36
– Friedrich 47249 Konstanzer- 19
– Gerhard 47058 Mülheimer- 141
– Gisela 47059 Andreas- 9
– Hanni 47178 Berliner- 8
– Hilde 47138 Berliner- 8
– Ingeborg 47198 Kiefern- 6
– Klaus 47178 Kiefern- 6
– Manfred 47178 Berliner- 8
– Martina 47138 Berliner- 8
– Susanne 47137 Sonderburger- 32
– Werner 47139 Monschauer- 36
– Willi 47137 Sonderburger- 32
– Wolfgang 47138 Berliner- 8
– Volker 47059 Andreas- 9
Kümmerling Stefan 47119 Dr.-
Hammacher- 30
Kümpel Heinrich 47199 Flinger- 6
– Helga 47199 Flinger- 6
– Laura 47199 Flinger- 5
Kümper Erich 47139 Friedrich-
Ebert- 207
Kündgen Elfi 47053 Wörth- 12b
– Helene 47169 Herrenwiese 119
– Karin 47139 Friedrich-Ebert- 207
Künemund Meta 47137 Lakumer- 14
– Walter 47137 Lakumer- 14
Küney Adnan 47139 Haus-Knipp- 33
– Altan 47139 Haus-Knipp- 33
– Hatun 47139 Haus-Knipp- 33
– Neslihan 47139 Haus-Knipp- 33
Künhaupt-Sawatzki Ute 47279 Am
See 8a
Künkel Erika 47137 Weser- 33
– Frank 47137 Weser- 33
– Johanna 47228 Beguinen- 113
– Rolf 47228 Beguinen- 113
– Wilhelm 47137 Weser- 33
Künn Gabriele 47139 Am
Beeckbach 12
Künnahl Ingrid 47137 Schmidt- 24
– Peter 47137 Schmidt- 24
– Roberto 47167 Schmidt- 24
– Ute 47137 Lösorter- 59
– Vera 47139 Neander- 144
Künne Anna 47226 Atroper- 74
– Carmen 47226 Krefelder- 148
– Dagmar 47269 Walter-
Schönheit- 87
– Elfriede 47053 Grunewald- 89
– Erika 47269 Kastanien- 11
– Gabriele 47239 Im Niederfeld 20
– Gernot 47259 Otto-Hellwig- 5
– Heinrich 47053 Hochfeld- 112
– Holger 47057 Mülheimer- 103
– Horst 47239 Im Niederfeld 20
– Horst 47269 Walter-Schönheit- 87
– Ilse 47226 Mozart- 22
– Michael 47226 Atroper- 74
– Tamara 47269 Kastanien- 11
– Thomas 47269 Großenbaumer
Allee 60
Künnert Christine 47166 Am
Schulacker 1
– Elsbeth 47178 Herzog- 65
– Georg 47178 Herzog- 65
Künsken Mechtild 47058 Hecker- 88
Künster August 47057 Grabben- 21
Gewerbebetriebe/Dienstleister nach Namen – siehe gelber Teil	A-DU
